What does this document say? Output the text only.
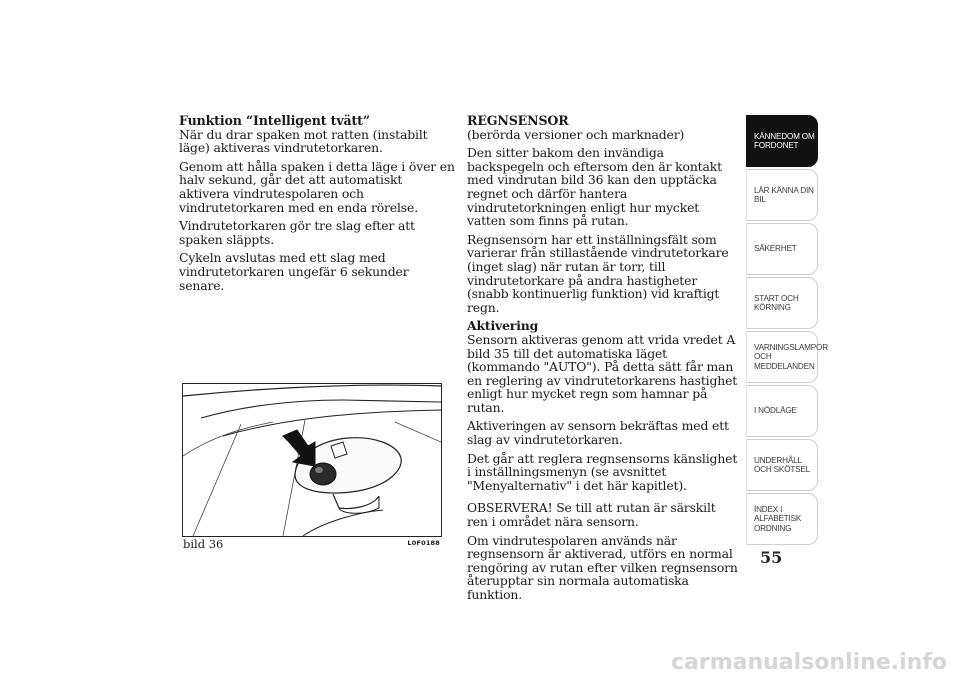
Funktion “Intelligent tvätt”

När du drar spaken mot ratten (instabilt läge) aktiveras vindrutetorkaren.

Genom att hålla spaken i detta läge i över en halv sekund, går det att automatiskt aktivera vindrutespolaren och vindrutetorkaren med en enda rörelse.

Vindrutetorkaren gör tre slag efter att spaken släppts.

Cykeln avslutas med ett slag med vindrutetorkaren ungefär 6 sekunder senare.

bild 36	L0F0188

REGNSENSOR

(berörda versioner och marknader)

Den sitter bakom den invändiga backspegeln och eftersom den är kontakt med vindrutan bild 36 kan den upptäcka regnet och därför hantera vindrutetorkningen enligt hur mycket vatten som finns på rutan.

Regnsensorn har ett inställningsfält som varierar från stillastående vindrutetorkare (inget slag) när rutan är torr, till vindrutetorkare på andra hastigheter (snabb kontinuerlig funktion) vid kraftigt regn.

Aktivering

Sensorn aktiveras genom att vrida vredet A bild 35 till det automatiska läget (kommando "AUTO"). På detta sätt får man en reglering av vindrutetorkarens hastighet enligt hur mycket regn som hamnar på rutan.

Aktiveringen av sensorn bekräftas med ett slag av vindrutetorkaren.

Det går att reglera regnsensorns känslighet i inställningsmenyn (se avsnittet "Menyalternativ" i det här kapitlet).

OBSERVERA! Se till att rutan är särskilt ren i området nära sensorn.

Om vindrutespolaren används när regnsensorn är aktiverad, utförs en normal rengöring av rutan efter vilken regnsensorn återupptar sin normala automatiska funktion.

KÄNNEDOM OM FORDONET
LÄR KÄNNA DIN BIL
SÄKERHET
START OCH KÖRNING
VARNINGSLAMPOR OCH MEDDELANDEN
I NÖDLÄGE
UNDERHÅLL OCH SKÖTSEL
INDEX I ALFABETISK ORDNING
55
carmanualsonline.info
